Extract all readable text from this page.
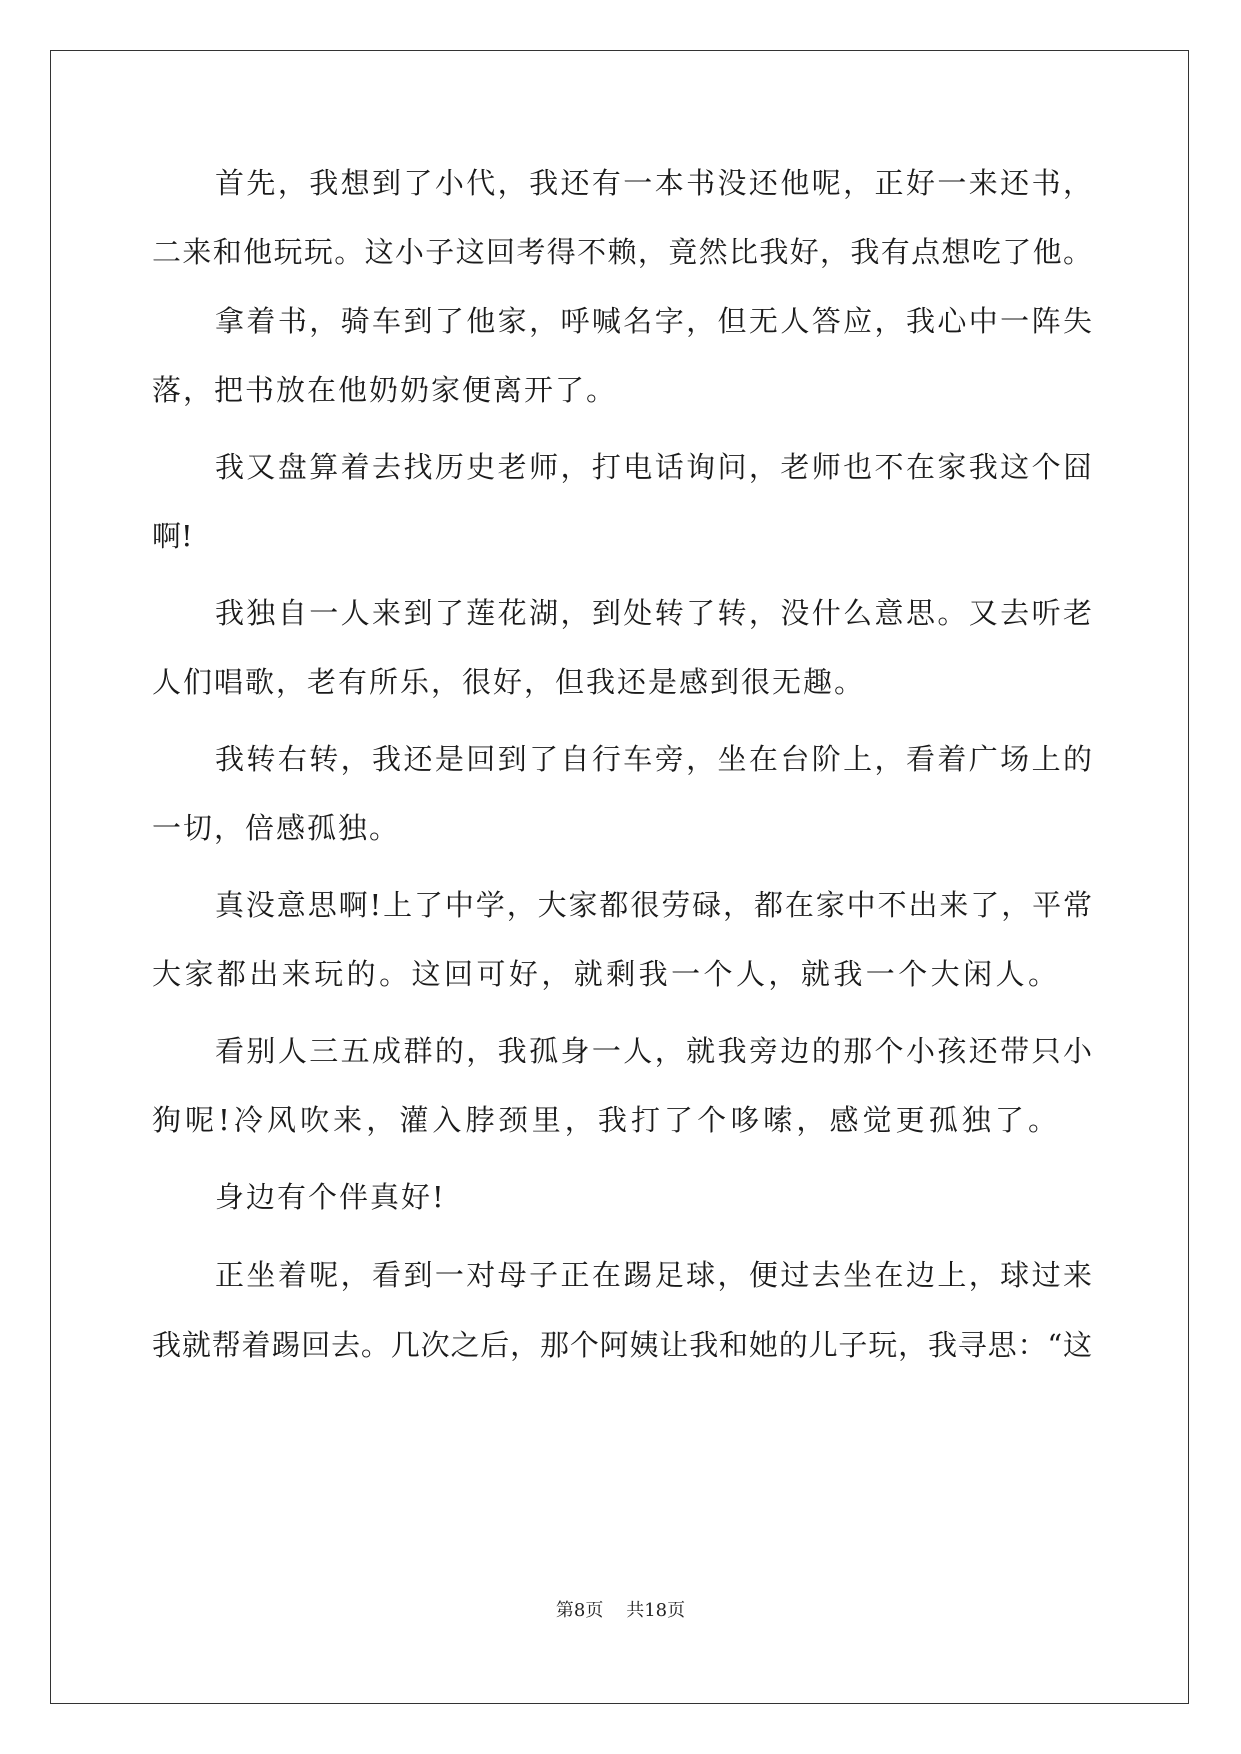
首先，我想到了小代，我还有一本书没还他呢，正好一来还书，
二来和他玩玩。这小子这回考得不赖，竟然比我好，我有点想吃了他。
拿着书，骑车到了他家，呼喊名字，但无人答应，我心中一阵失
落，把书放在他奶奶家便离开了。
我又盘算着去找历史老师，打电话询问，老师也不在家我这个囧
啊!
我独自一人来到了莲花湖，到处转了转，没什么意思。又去听老
人们唱歌，老有所乐，很好，但我还是感到很无趣。
我转右转，我还是回到了自行车旁，坐在台阶上，看着广场上的
一切，倍感孤独。
真没意思啊!上了中学，大家都很劳碌，都在家中不出来了，平常
大家都出来玩的。这回可好，就剩我一个人，就我一个大闲人。
看别人三五成群的，我孤身一人，就我旁边的那个小孩还带只小
狗呢!冷风吹来，灌入脖颈里，我打了个哆嗦，感觉更孤独了。
身边有个伴真好!
正坐着呢，看到一对母子正在踢足球，便过去坐在边上，球过来
我就帮着踢回去。几次之后，那个阿姨让我和她的儿子玩，我寻思：“这
第8页    共18页
